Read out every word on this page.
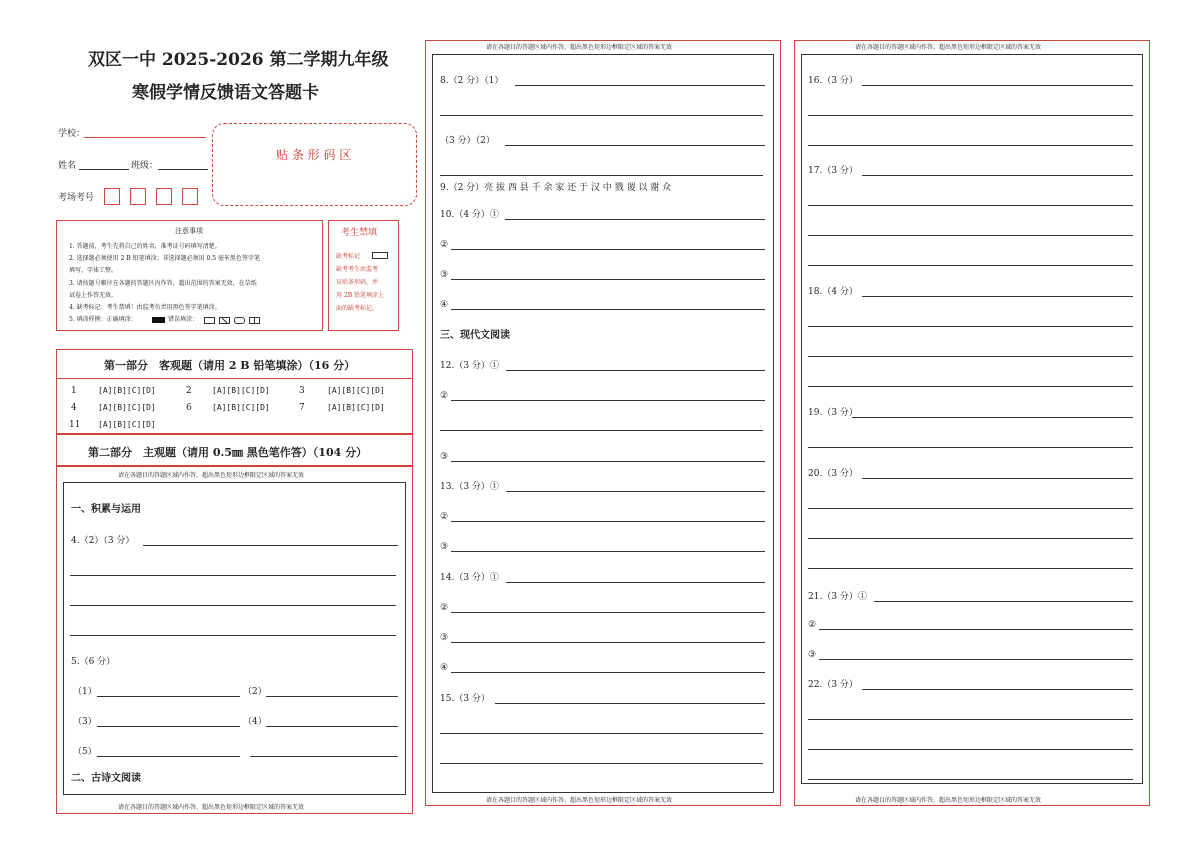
双区一中 2025-2026 第二学期九年级
寒假学情反馈语文答题卡
学校：
姓名	班级：
考场考号
贴 条 形 码 区
注意事项
1. 答题前，考生先将自己的姓名、准考证号码填写清楚。
2. 选择题必须使用 2 B 铅笔填涂；非选择题必须用 0.5 毫米黑色签字笔
填写，字体工整。
3. 请按题号顺序在各题的答题区内作答，超出范围的答案无效，在草纸
试卷上作答无效。
4. 缺考标记：考生禁填！由监考负责用黑色签字笔填涂。
5. 填涂样例：正确填涂：	错误填涂：
考生禁填
缺考标记
缺考考生由监考
员贴条形码，并
用 2B 铅笔填涂上
面的缺考标记。
第一部分　客观题（请用 2 B 铅笔填涂）（16 分）
1	[A][B][C][D]	2	[A][B][C][D]	3	[A][B][C][D]
4	[A][B][C][D]	6	[A][B][C][D]	7	[A][B][C][D]
11 [A][B][C][D]
第二部分　主观题（请用 0.5㎜ 黑色笔作答）（104 分）
请在各题目的答题区域内作答，超出黑色矩形边框限定区域的答案无效
请在各题目的答题区域内作答，超出黑色矩形边框限定区域的答案无效
一、积累与运用
4.（2）（3 分）
5.（6 分）
（1）	（2）
（3）	（4）
（5）
二、古诗文阅读
请在各题目的答题区域内作答，超出黑色矩形边框限定区域的答案无效
请在各题目的答题区域内作答，超出黑色矩形边框限定区域的答案无效
8.（2 分）（1）
（3 分）（2）
9.（2 分）亮 拔 西 县 千 余 家 还 于 汉 中 戮 谡 以 谢 众
10.（4 分）①
②
③
④
三、现代文阅读
12.（3 分）①
②
③
13.（3 分）①
②
③
14.（3 分）①
②
③
④
15.（3 分）
请在各题目的答题区域内作答，超出黑色矩形边框限定区域的答案无效
请在各题目的答题区域内作答，超出黑色矩形边框限定区域的答案无效
16.（3 分）
17.（3 分）
18.（4 分）
19.（3 分）
20.（3 分）
21.（3 分）①
②
③
22.（3 分）
